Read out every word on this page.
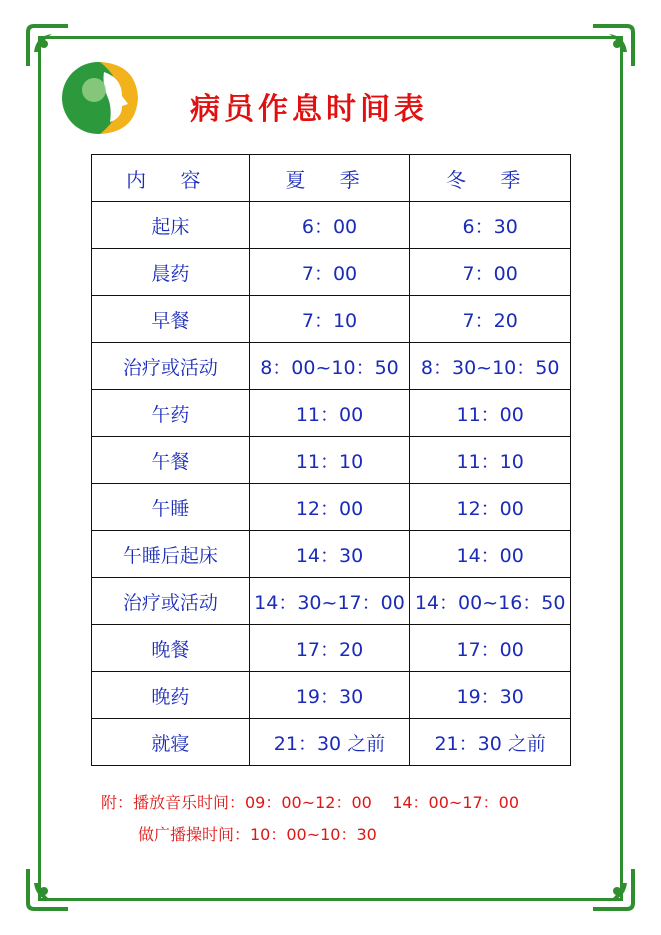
病员作息时间表
内 容	夏 季	冬 季
起床	6：00	6：30
晨药	7：00	7：00
早餐	7：10	7：20
治疗或活动	8：00~10：50	8：30~10：50
午药	11：00	11：00
午餐	11：10	11：10
午睡	12：00	12：00
午睡后起床	14：30	14：00
治疗或活动	14：30~17：00	14：00~16：50
晚餐	17：20	17：00
晚药	19：30	19：30
就寝	21：30 之前	21：30 之前
附：播放音乐时间：09：00~12：00    14：00~17：00
做广播操时间：10：00~10：30
